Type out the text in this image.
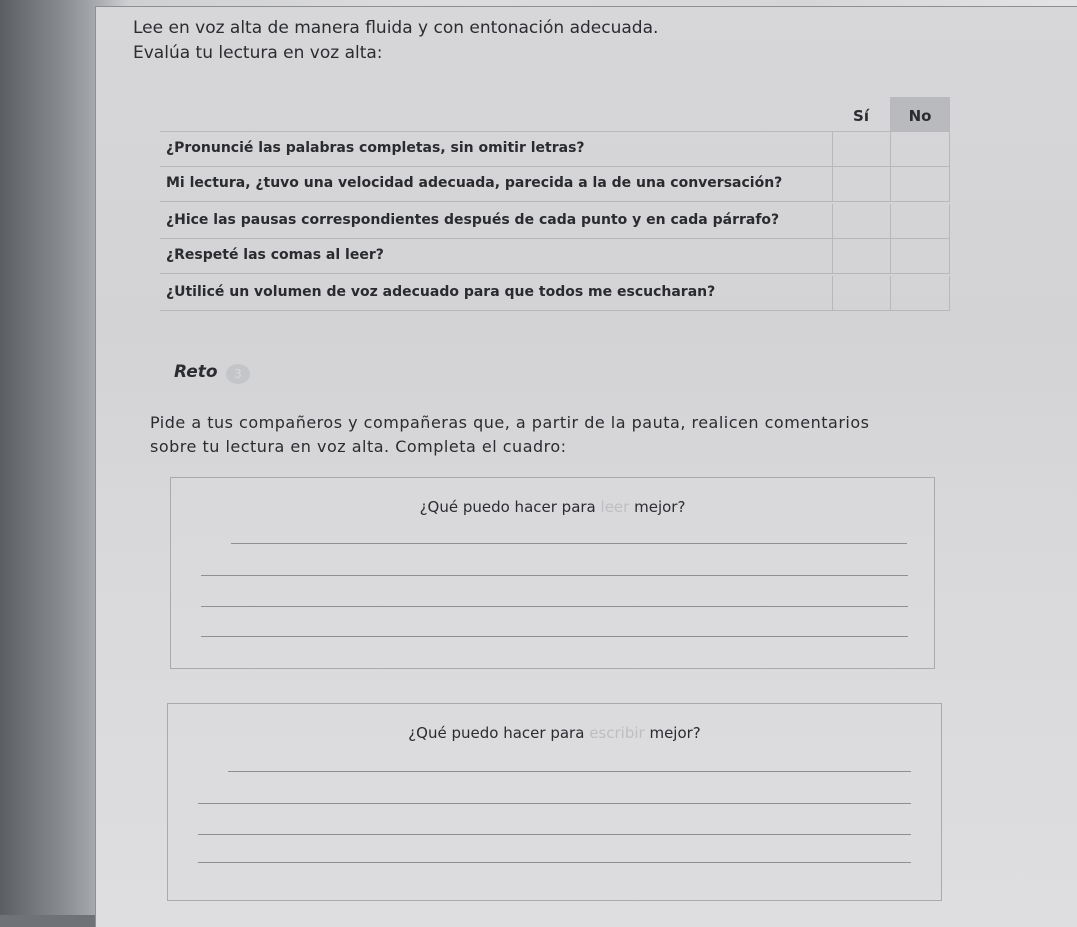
Lee en voz alta de manera fluida y con entonación adecuada.
Evalúa tu lectura en voz alta:
Sí	No
¿Pronuncié las palabras completas, sin omitir letras?
Mi lectura, ¿tuvo una velocidad adecuada, parecida a la de una conversación?
¿Hice las pausas correspondientes después de cada punto y en cada párrafo?
¿Respeté las comas al leer?
¿Utilicé un volumen de voz adecuado para que todos me escucharan?
Reto	3
Pide a tus compañeros y compañeras que, a partir de la pauta, realicen comentarios
sobre tu lectura en voz alta. Completa el cuadro:
¿Qué puedo hacer para leer mejor?
¿Qué puedo hacer para escribir mejor?
